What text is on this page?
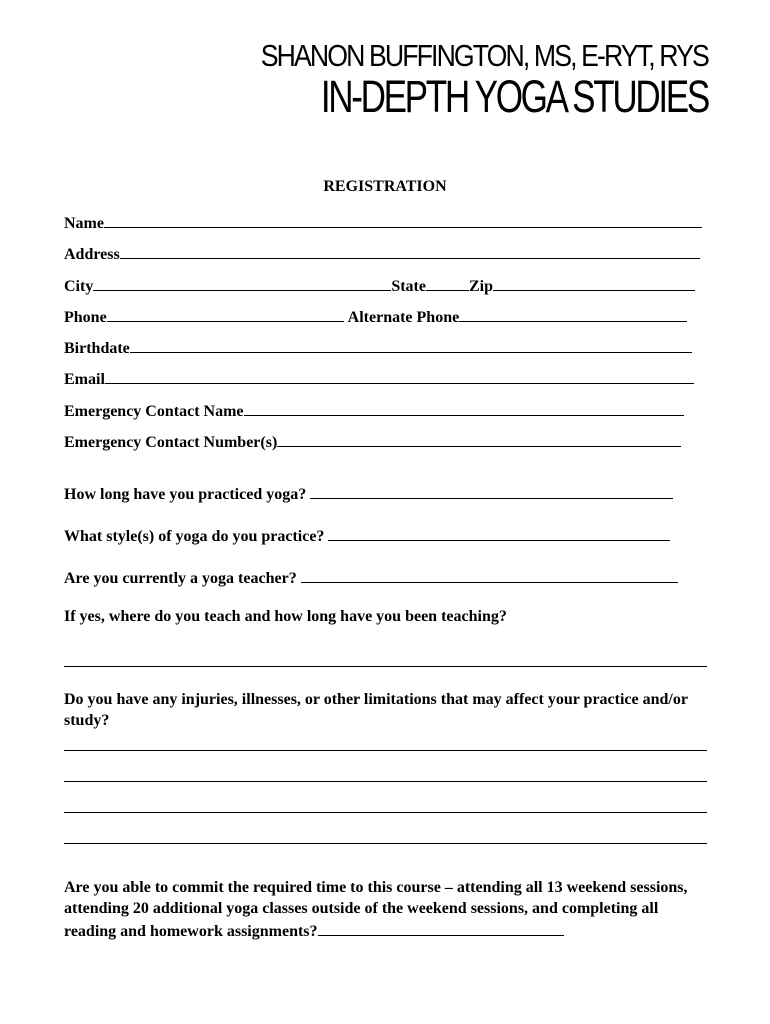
SHANON BUFFINGTON, MS, E-RYT, RYS
IN-DEPTH YOGA STUDIES
REGISTRATION
Name
Address
City	State	Zip
Phone	Alternate Phone
Birthdate
Email
Emergency Contact Name
Emergency Contact Number(s)
How long have you practiced yoga?
What style(s) of yoga do you practice?
Are you currently a yoga teacher?
If yes, where do you teach and how long have you been teaching?
Do you have any injuries, illnesses, or other limitations that may affect your practice and/or study?
Are you able to commit the required time to this course – attending all 13 weekend sessions, attending 20 additional yoga classes outside of the weekend sessions, and completing all reading and homework assignments?
